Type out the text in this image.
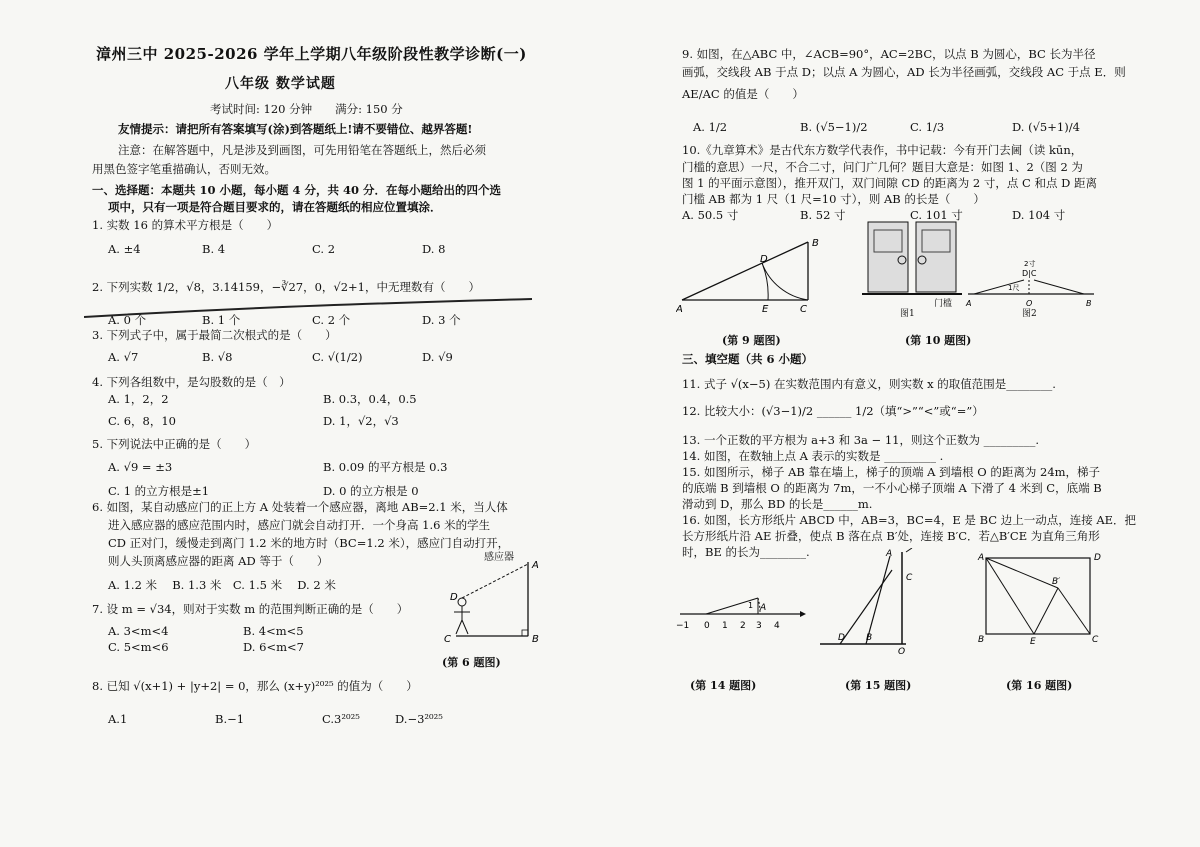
漳州三中 2025-2026 学年上学期八年级阶段性教学诊断(一)
八年级 数学试题
考试时间: 120 分钟　　满分: 150 分
友情提示：请把所有答案填写(涂)到答题纸上!请不要错位、越界答题!
注意：在解答题中，凡是涉及到画图，可先用铅笔在答题纸上，然后必须
用黑色签字笔重描确认，否则无效。
一、选择题：本题共 10 小题，每小题 4 分，共 40 分．在每小题给出的四个选
项中，只有一项是符合题目要求的，请在答题纸的相应位置填涂．
1. 实数 16 的算术平方根是（　　）
A. ±4	B. 4	C. 2	D. 8
2. 下列实数 1/2，√8，3.14159，−∛27，0，√2+1，中无理数有（　　）
A. 0 个	B. 1 个	C. 2 个	D. 3 个
3. 下列式子中，属于最简二次根式的是（　　）
A. √7	B. √8	C. √(1/2)	D. √9
4. 下列各组数中，是勾股数的是（　）
A. 1，2，2	B. 0.3，0.4，0.5
C. 6，8，10	D. 1，√2，√3
5. 下列说法中正确的是（　　）
A. √9 = ±3	B. 0.09 的平方根是 0.3
C. 1 的立方根是±1	D. 0 的立方根是 0
6. 如图，某自动感应门的正上方 A 处装着一个感应器，离地 AB=2.1 米，当人体
进入感应器的感应范围内时，感应门就会自动打开．一个身高 1.6 米的学生
CD 正对门，缓慢走到离门 1.2 米的地方时（BC=1.2 米），感应门自动打开，
则人头顶离感应器的距离 AD 等于（　　）
A. 1.2 米　 B. 1.3 米　C. 1.5 米　 D. 2 米
感应器
A
B
C
D
(第 6 题图)
7. 设 m = √34，则对于实数 m 的范围判断正确的是（　　）
A. 3<m<4	B. 4<m<5
C. 5<m<6	D. 6<m<7
8. 已知 √(x+1) + |y+2| = 0，那么 (x+y)²⁰²⁵ 的值为（　　）
A.1	B.−1	C.3²⁰²⁵	D.−3²⁰²⁵
9. 如图，在△ABC 中，∠ACB=90°，AC=2BC，以点 B 为圆心，BC 长为半径
画弧，交线段 AB 于点 D；以点 A 为圆心，AD 长为半径画弧，交线段 AC 于点 E．则
AE/AC 的值是（　　）
A. 1/2	B. (√5−1)/2	C. 1/3	D. (√5+1)/4
10.《九章算术》是古代东方数学代表作，书中记载：今有开门去阃（读 kūn，
门槛的意思）一尺，不合二寸，问门广几何？题目大意是：如图 1、2（图 2 为
图 1 的平面示意图），推开双门，双门间隙 CD 的距离为 2 寸，点 C 和点 D 距离
门槛 AB 都为 1 尺（1 尺=10 寸），则 AB 的长是（　　）
A. 50.5 寸	B. 52 寸	C. 101 寸	D. 104 寸
A
B
C
D
E
(第 9 题图)
门槛
图1
D|C
2寸
1尺
A	O	B
图2
(第 10 题图)
三、填空题（共 6 小题）
11. 式子 √(x−5) 在实数范围内有意义，则实数 x 的取值范围是________.
12. 比较大小：(√3−1)/2 ______ 1/2（填“>”“<”或“=”）
13. 一个正数的平方根为 a+3 和 3a − 11，则这个正数为 _________.
14. 如图，在数轴上点 A 表示的实数是 _________ .
15. 如图所示，梯子 AB 靠在墙上，梯子的顶端 A 到墙根 O 的距离为 24m，梯子
的底端 B 到墙根 O 的距离为 7m，一不小心梯子顶端 A 下滑了 4 米到 C，底端 B
滑动到 D，那么 BD 的长是______m.
16. 如图，长方形纸片 ABCD 中，AB=3，BC=4，E 是 BC 边上一动点，连接 AE．把
长方形纸片沿 AE 折叠，使点 B 落在点 B′处，连接 B′C．若△B′CE 为直角三角形
时，BE 的长为________.
−1 0 1 2 3 4
A
1
(第 14 题图)
A
C
D B
O
(第 15 题图)
A	D
B	E	C
B′
(第 16 题图)
